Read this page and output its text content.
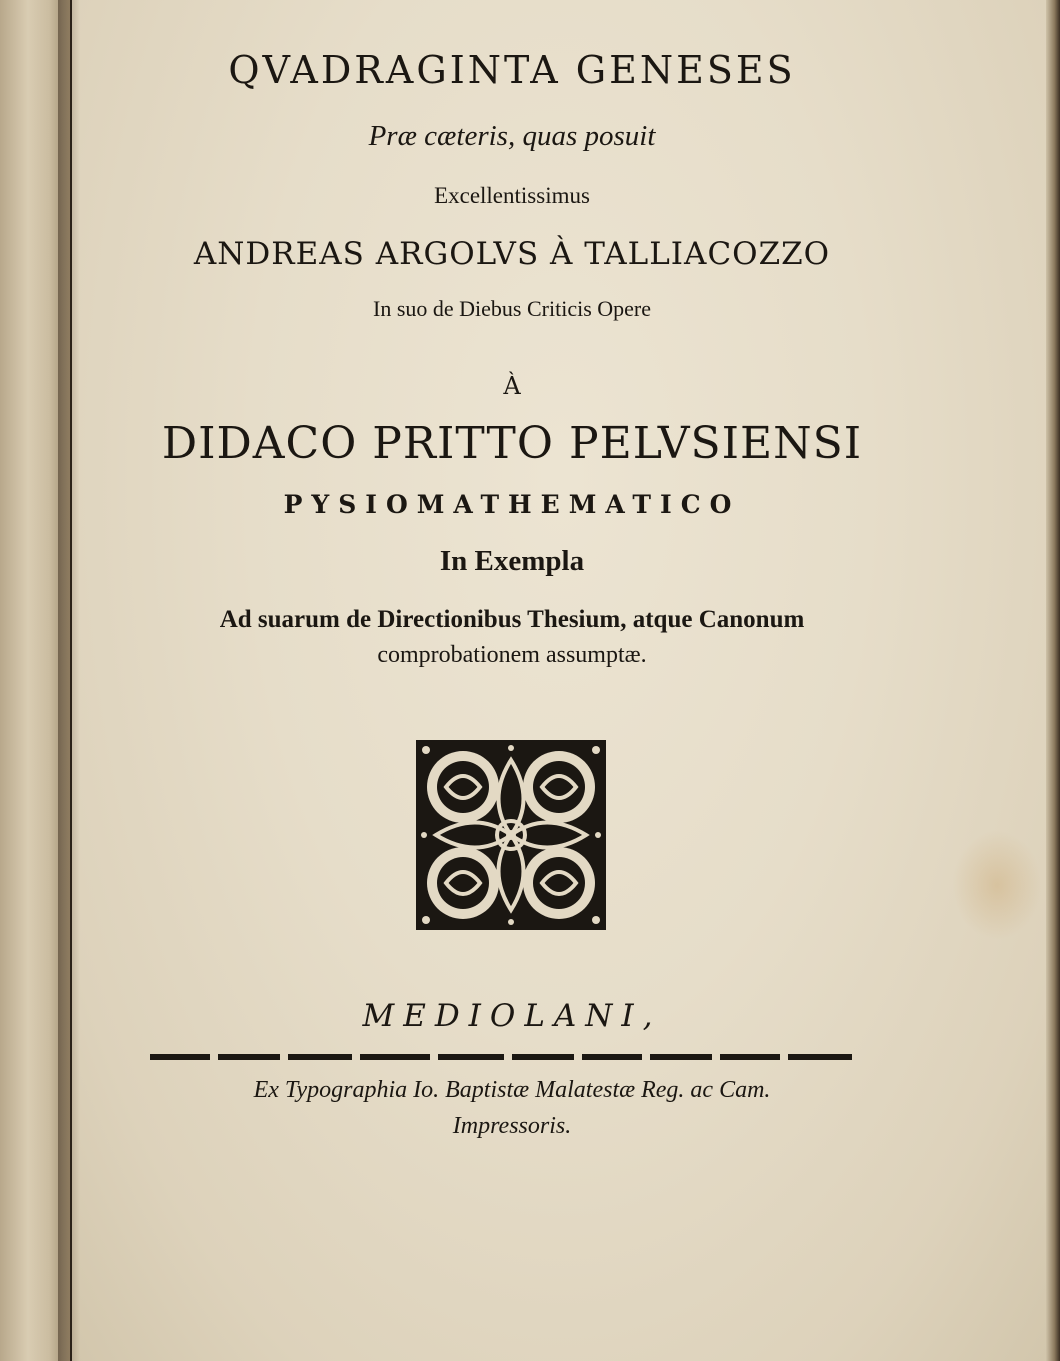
QVADRAGINTA GENESES
Præ cæteris, quas posuit
Excellentissimus
ANDREAS ARGOLVS À TALLIACOZZO
In suo de Diebus Criticis Opere
À
DIDACO PRITTO PELVSIENSI
PYSIOMATHEMATICO
In Exempla
Ad suarum de Directionibus Thesium, atque Canonum
comprobationem assumptæ.
MEDIOLANI,
Ex Typographia Io. Baptistæ Malatestæ Reg. ac Cam.
Impressoris.
